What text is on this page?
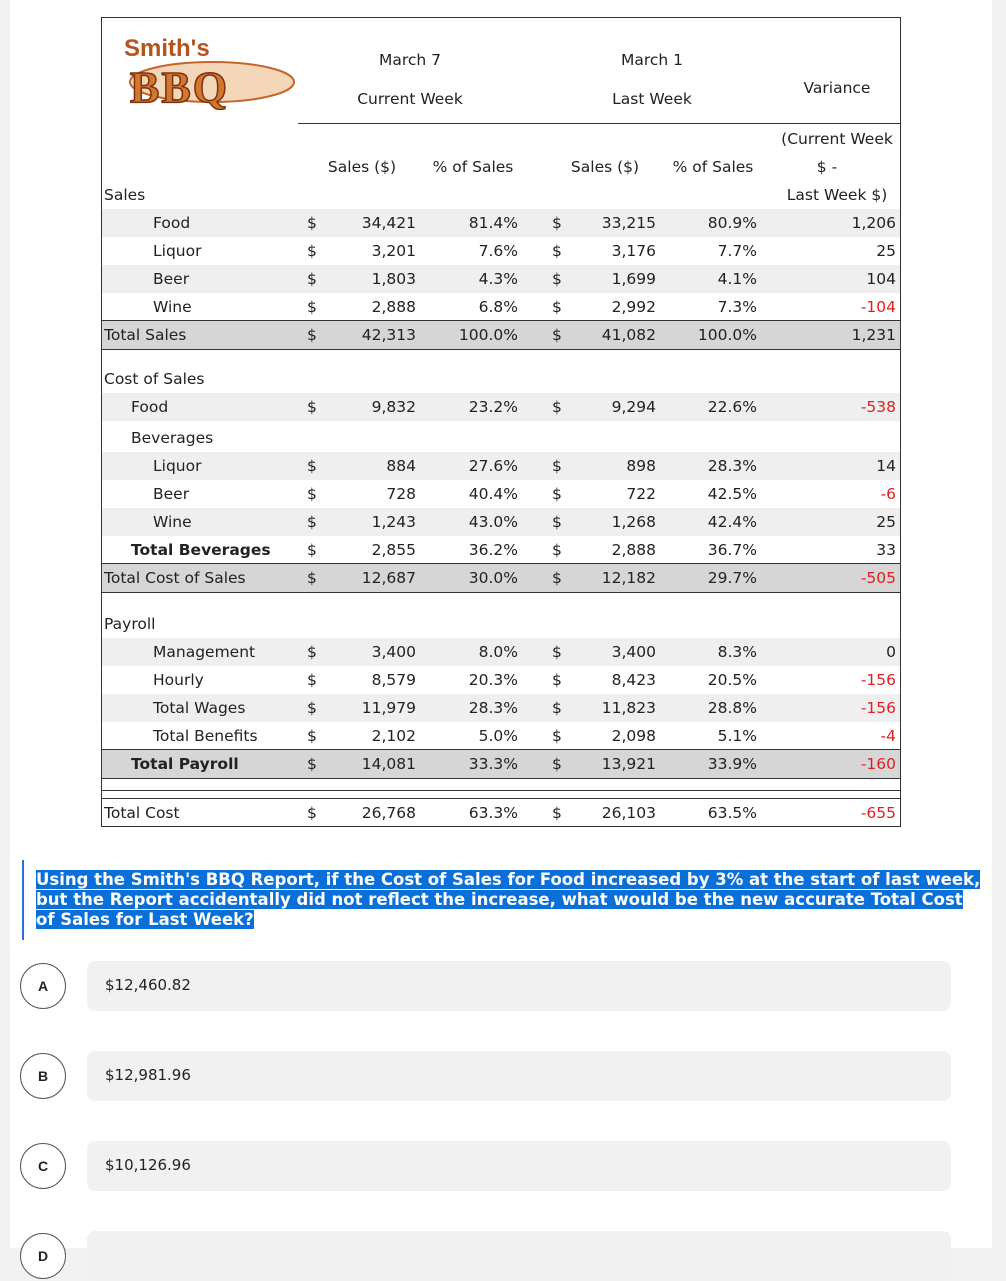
Smith's
BBQ
March 7
Current Week
March 1
Last Week
Variance
(Current Week
$ -
Last Week $)
Sales ($)	% of Sales	Sales ($)	% of Sales
Sales
Food	$	34,421	81.4% $	33,215	80.9%	1,206
Liquor	$	3,201	7.6% $	3,176	7.7%	25
Beer	$	1,803	4.3% $	1,699	4.1%	104
Wine	$	2,888	6.8% $	2,992	7.3%	-104
Total Sales	$	42,313	100.0% $	41,082	100.0%	1,231
Food	$	9,832	23.2% $	9,294	22.6%	-538
Liquor	$	884	27.6% $	898	28.3%	14
Beer	$	728	40.4% $	722	42.5%	-6
Wine	$	1,243	43.0% $	1,268	42.4%	25
Total Beverages $	2,855	36.2% $	2,888	36.7%	33
Total Cost of Sales	$	12,687	30.0% $	12,182	29.7%	-505
Management	$	3,400	8.0% $	3,400	8.3%	0
Hourly	$	8,579	20.3% $	8,423	20.5%	-156
Total Wages	$	11,979	28.3% $	11,823	28.8%	-156
Total Benefits	$	2,102	5.0% $	2,098	5.1%	-4
Total Payroll	$	14,081	33.3% $	13,921	33.9%	-160
Total Cost	$	26,768	63.3% $	26,103	63.5%	-655
Cost of Sales
Beverages
Payroll
Using the Smith's BBQ Report, if the Cost of Sales for Food increased by 3% at the start of last week, but the Report accidentally did not reflect the increase, what would be the new accurate Total Cost of Sales for Last Week?
A	$12,460.82
B	$12,981.96
C	$10,126.96
D
